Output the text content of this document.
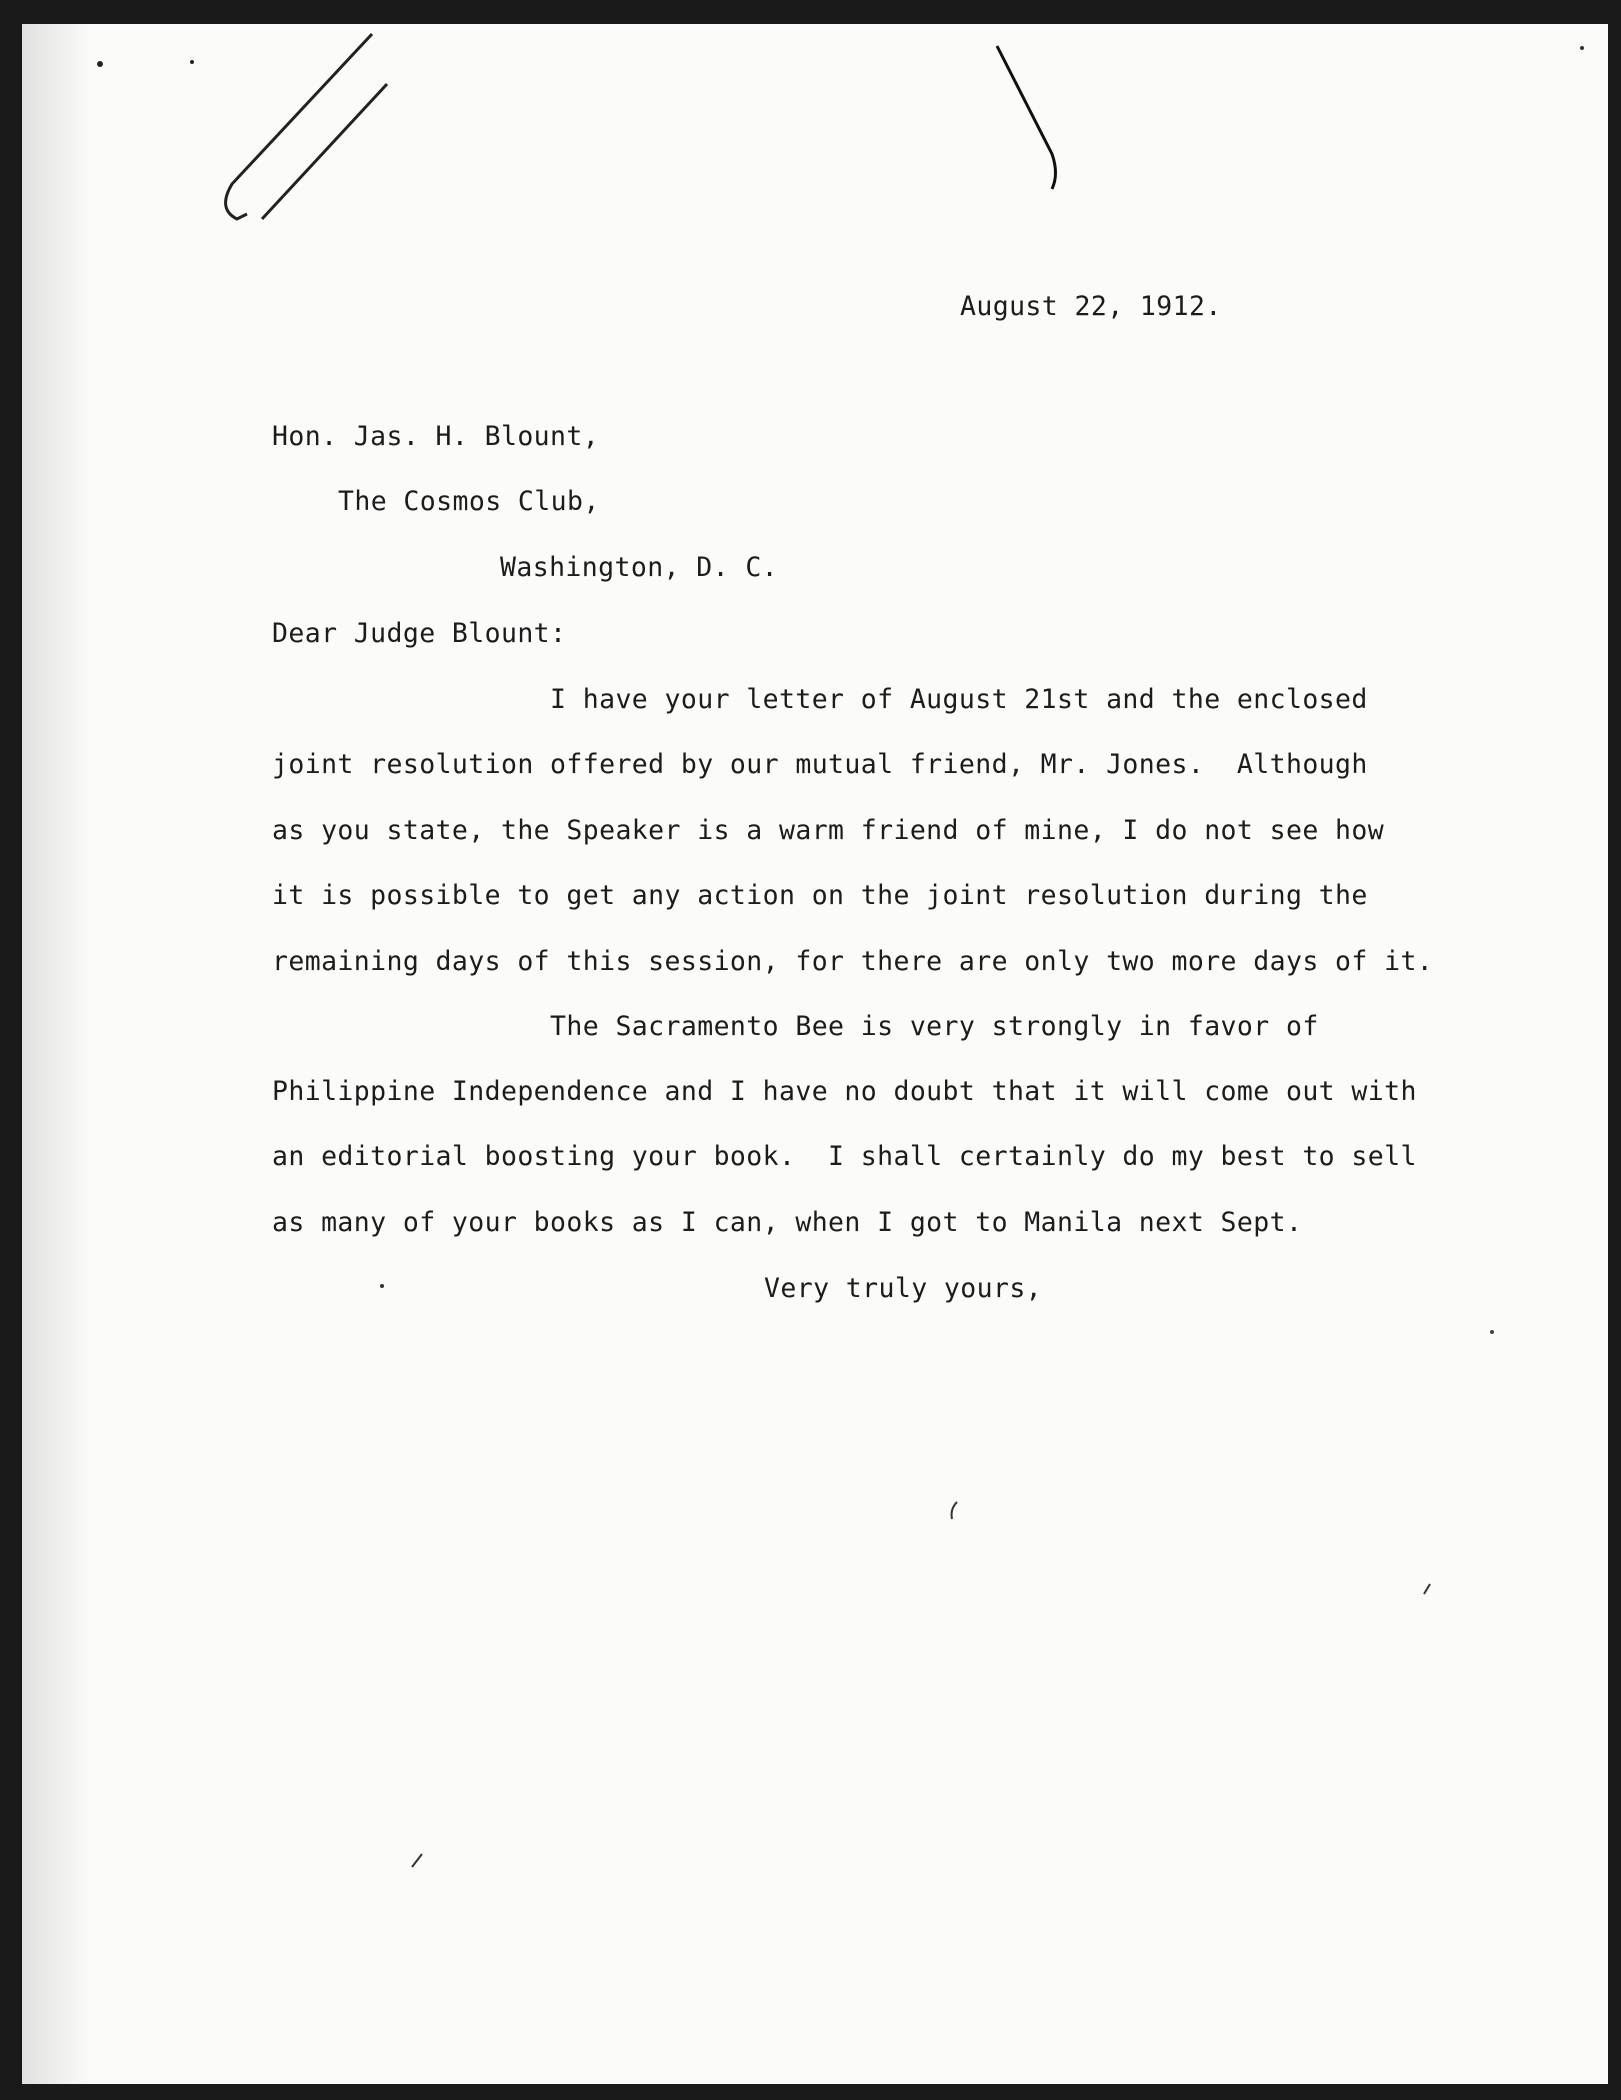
August 22, 1912.
Hon. Jas. H. Blount,
The Cosmos Club,
Washington, D. C.
Dear Judge Blount:
I have your letter of August 21st and the enclosed
joint resolution offered by our mutual friend, Mr. Jones.  Although
as you state, the Speaker is a warm friend of mine, I do not see how
it is possible to get any action on the joint resolution during the
remaining days of this session, for there are only two more days of it.
The Sacramento Bee is very strongly in favor of
Philippine Independence and I have no doubt that it will come out with
an editorial boosting your book.  I shall certainly do my best to sell
as many of your books as I can, when I got to Manila next Sept.
Very truly yours,
